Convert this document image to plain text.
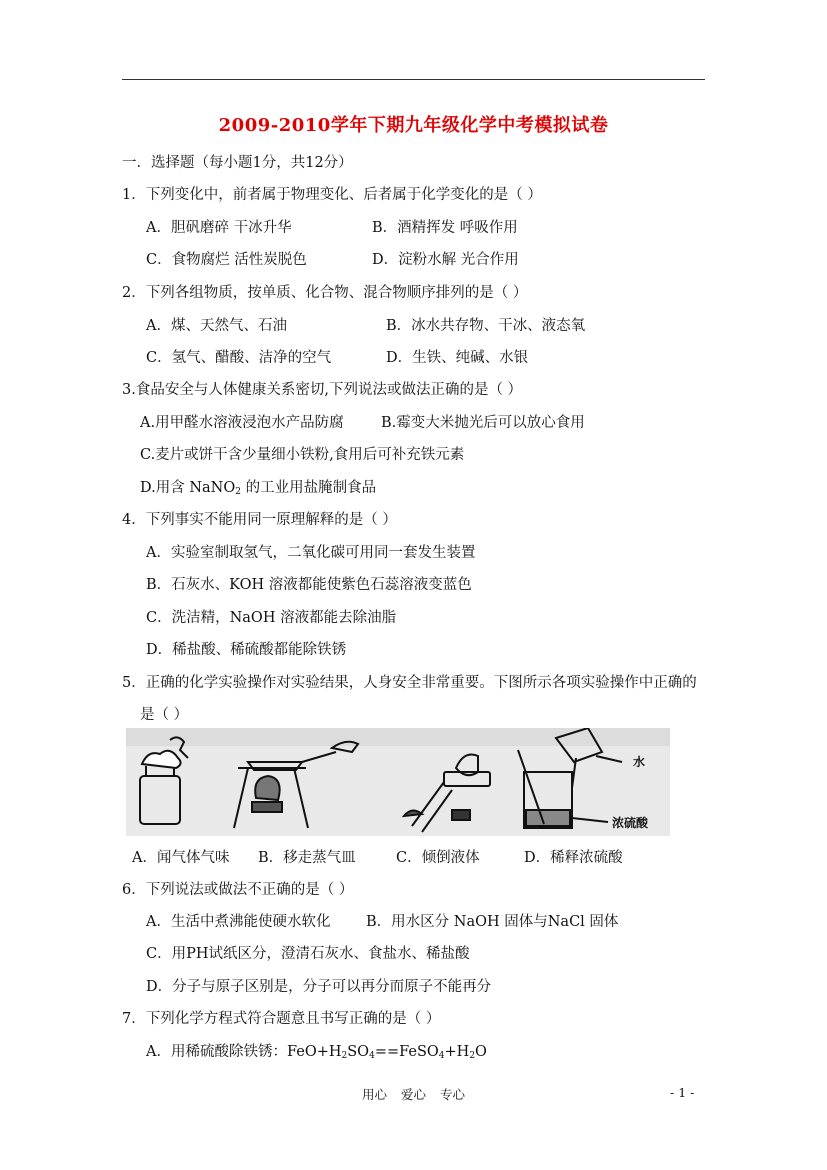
2009-2010学年下期九年级化学中考模拟试卷
一．选择题（每小题1分，共12分）
1．下列变化中，前者属于物理变化、后者属于化学变化的是（ ）
A．胆矾磨碎 干冰升华	B．酒精挥发 呼吸作用
C．食物腐烂 活性炭脱色	D．淀粉水解 光合作用
2．下列各组物质，按单质、化合物、混合物顺序排列的是（ ）
A．煤、天然气、石油	B．冰水共存物、干冰、液态氧
C．氢气、醋酸、洁净的空气	D．生铁、纯碱、水银
3.食品安全与人体健康关系密切,下列说法或做法正确的是（ ）
A.用甲醛水溶液浸泡水产品防腐	B.霉变大米抛光后可以放心食用
C.麦片或饼干含少量细小铁粉,食用后可补充铁元素
D.用含 NaNO$_2$ 的工业用盐腌制食品
4．下列事实不能用同一原理解释的是（ ）
A．实验室制取氢气，二氧化碳可用同一套发生装置
B．石灰水、KOH 溶液都能使紫色石蕊溶液变蓝色
C．洗洁精，NaOH 溶液都能去除油脂
D．稀盐酸、稀硫酸都能除铁锈
5．正确的化学实验操作对实验结果，人身安全非常重要。下图所示各项实验操作中正确的
是（ ）
水
浓硫酸
A．闻气体气味 B．移走蒸气皿	C．倾倒液体	D．稀释浓硫酸
6．下列说法或做法不正确的是（ ）
A．生活中煮沸能使硬水软化 B．用水区分 NaOH 固体与NaCl 固体
C．用PH试纸区分，澄清石灰水、食盐水、稀盐酸
D．分子与原子区别是，分子可以再分而原子不能再分
7．下列化学方程式符合题意且书写正确的是（ ）
A．用稀硫酸除铁锈：$FeO+H_2SO_4==FeSO_4+H_2O$
用心 爱心 专心	- 1 -
